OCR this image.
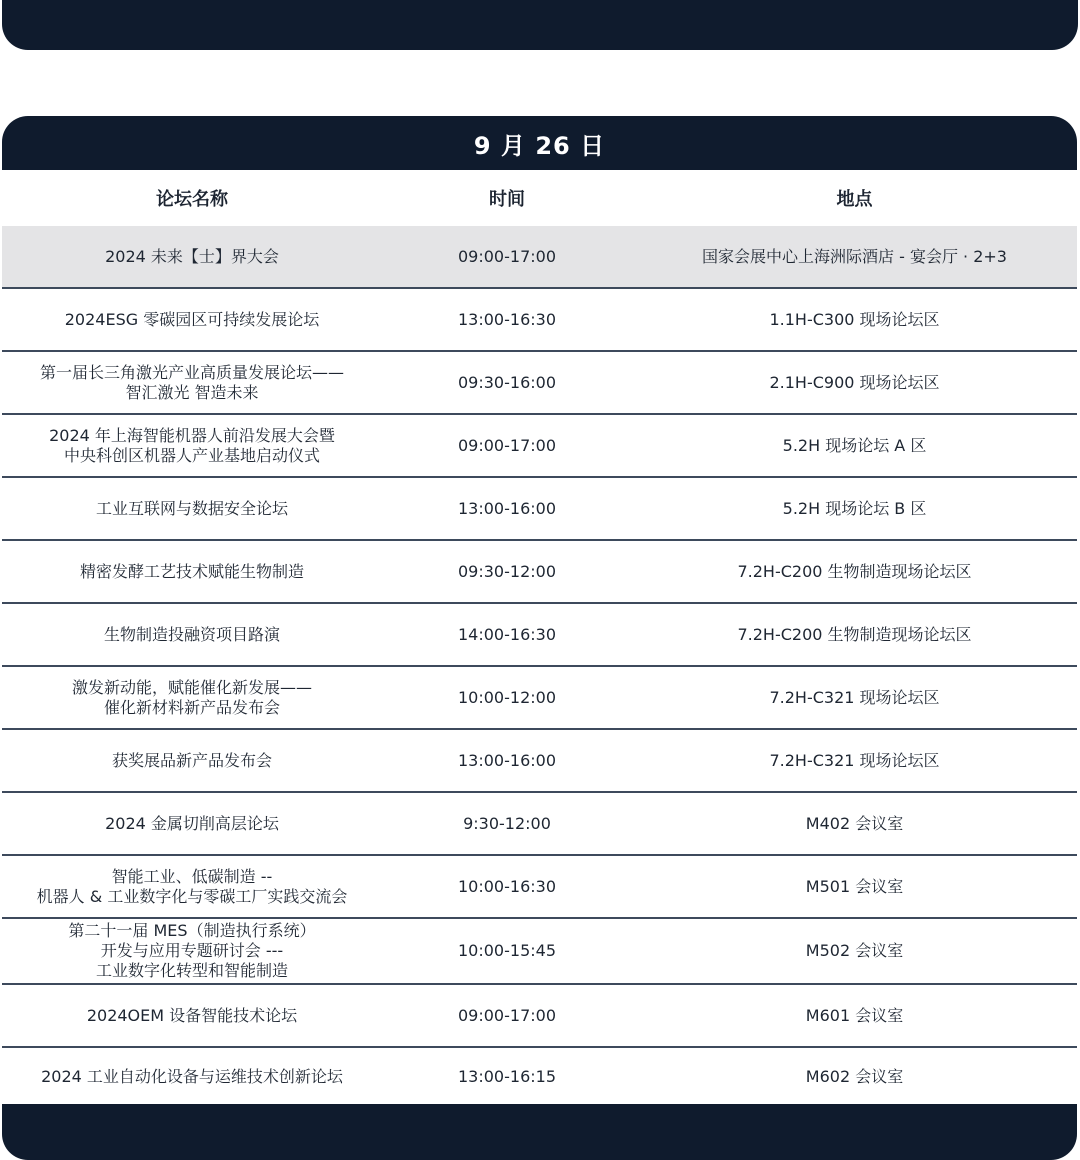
9 月 26 日
论坛名称	时间	地点
2024 未来【士】界大会	09:00-17:00	国家会展中心上海洲际酒店 - 宴会厅 · 2+3
2024ESG 零碳园区可持续发展论坛	13:00-16:30	1.1H-C300 现场论坛区
第一届长三角激光产业高质量发展论坛——
智汇激光 智造未来
09:30-16:00	2.1H-C900 现场论坛区
2024 年上海智能机器人前沿发展大会暨
中央科创区机器人产业基地启动仪式
09:00-17:00	5.2H 现场论坛 A 区
工业互联网与数据安全论坛	13:00-16:00	5.2H 现场论坛 B 区
精密发酵工艺技术赋能生物制造	09:30-12:00	7.2H-C200 生物制造现场论坛区
生物制造投融资项目路演	14:00-16:30	7.2H-C200 生物制造现场论坛区
激发新动能，赋能催化新发展——
催化新材料新产品发布会
10:00-12:00	7.2H-C321 现场论坛区
获奖展品新产品发布会	13:00-16:00	7.2H-C321 现场论坛区
2024 金属切削高层论坛	9:30-12:00	M402 会议室
智能工业、低碳制造 --
机器人 & 工业数字化与零碳工厂实践交流会
10:00-16:30	M501 会议室
第二十一届 MES（制造执行系统）
开发与应用专题研讨会 ---
工业数字化转型和智能制造
10:00-15:45	M502 会议室
2024OEM 设备智能技术论坛	09:00-17:00	M601 会议室
2024 工业自动化设备与运维技术创新论坛	13:00-16:15	M602 会议室
